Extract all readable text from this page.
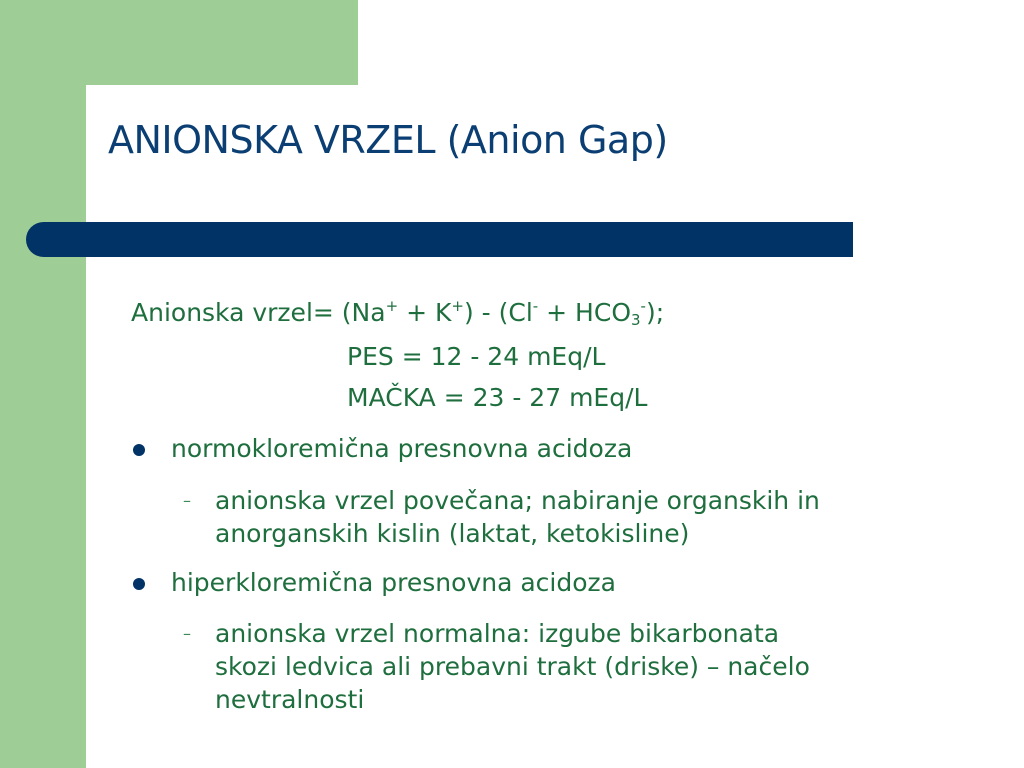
ANIONSKA VRZEL (Anion Gap)
Anionska vrzel= $(Na^+ + K^+) - (Cl^- + HCO_3^-)$;
PES = 12 - 24 mEq/L
MAČKA = 23 - 27 mEq/L
normokloremična presnovna acidoza
– anionska vrzel povečana; nabiranje organskih in
anorganskih kislin (laktat, ketokisline)
hiperkloremična presnovna acidoza
– anionska vrzel normalna: izgube bikarbonata
skozi ledvica ali prebavni trakt (driske) – načelo
nevtralnosti
